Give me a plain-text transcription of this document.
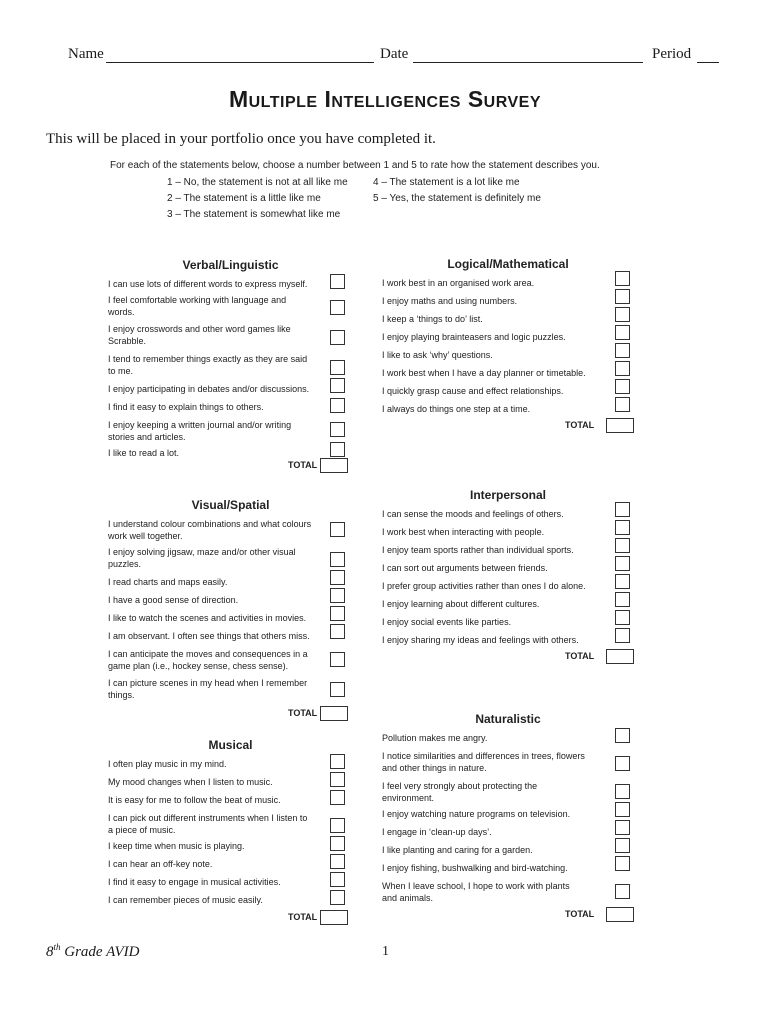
Name	Date	Period
Multiple Intelligences Survey
This will be placed in your portfolio once you have completed it.
For each of the statements below, choose a number between 1 and 5 to rate how the statement describes you.
1 – No, the statement is not at all like me
2 – The statement is a little like me
3 – The statement is somewhat like me
4 – The statement is a lot like me
5 – Yes, the statement is definitely me
Verbal/Linguistic
I can use lots of different words to express myself.
I feel comfortable working with language and
words.
I enjoy crosswords and other word games like
Scrabble.
I tend to remember things exactly as they are said
to me.
I enjoy participating in debates and/or discussions.
I find it easy to explain things to others.
I enjoy keeping a written journal and/or writing
stories and articles.
I like to read a lot.
TOTAL
Logical/Mathematical
I work best in an organised work area.
I enjoy maths and using numbers.
I keep a ‘things to do’ list.
I enjoy playing brainteasers and logic puzzles.
I like to ask ‘why’ questions.
I work best when I have a day planner or timetable.
I quickly grasp cause and effect relationships.
I always do things one step at a time.
TOTAL
Visual/Spatial
I understand colour combinations and what colours
work well together.
I enjoy solving jigsaw, maze and/or other visual
puzzles.
I read charts and maps easily.
I have a good sense of direction.
I like to watch the scenes and activities in movies.
I am observant. I often see things that others miss.
I can anticipate the moves and consequences in a
game plan (i.e., hockey sense, chess sense).
I can picture scenes in my head when I remember
things.
TOTAL
Interpersonal
I can sense the moods and feelings of others.
I work best when interacting with people.
I enjoy team sports rather than individual sports.
I can sort out arguments between friends.
I prefer group activities rather than ones I do alone.
I enjoy learning about different cultures.
I enjoy social events like parties.
I enjoy sharing my ideas and feelings with others.
TOTAL
Musical
I often play music in my mind.
My mood changes when I listen to music.
It is easy for me to follow the beat of music.
I can pick out different instruments when I listen to
a piece of music.
I keep time when music is playing.
I can hear an off-key note.
I find it easy to engage in musical activities.
I can remember pieces of music easily.
TOTAL
Naturalistic
Pollution makes me angry.
I notice similarities and differences in trees, flowers
and other things in nature.
I feel very strongly about protecting the
environment.
I enjoy watching nature programs on television.
I engage in ‘clean-up days’.
I like planting and caring for a garden.
I enjoy fishing, bushwalking and bird-watching.
When I leave school, I hope to work with plants
and animals.
TOTAL
8th Grade AVID	1
